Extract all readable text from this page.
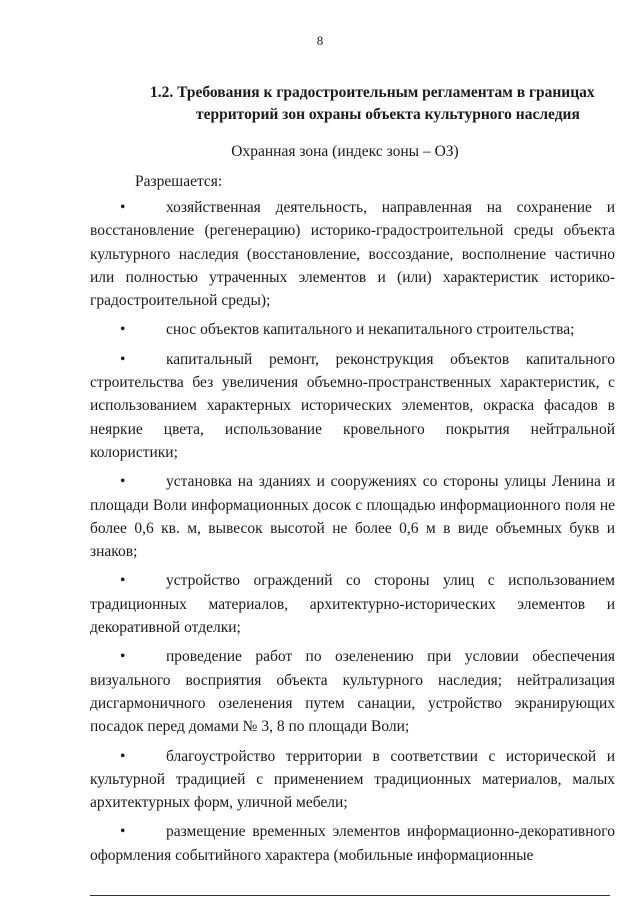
8
1.2. Требования к градостроительным регламентам в границах
территорий зон охраны объекта культурного наследия
Охранная зона (индекс зоны – ОЗ)
Разрешается:

•	хозяйственная деятельность, направленная на сохранение и восстановление (регенерацию) историко-градостроительной среды объекта культурного наследия (восстановление, воссоздание, восполнение частично или полностью утраченных элементов и (или) характеристик историко-градостроительной среды);

•	снос объектов капитального и некапитального строительства;

•	капитальный ремонт, реконструкция объектов капитального строительства без увеличения объемно-пространственных характеристик, с использованием характерных исторических элементов, окраска фасадов в неяркие цвета, использование кровельного покрытия нейтральной колористики;

•	установка на зданиях и сооружениях со стороны улицы Ленина и площади Воли информационных досок с площадью информационного поля не более 0,6 кв. м, вывесок высотой не более 0,6 м в виде объемных букв и знаков;

•	устройство ограждений со стороны улиц с использованием традиционных материалов, архитектурно-исторических элементов и декоративной отделки;

•	проведение работ по озеленению при условии обеспечения визуального восприятия объекта культурного наследия; нейтрализация дисгармоничного озеленения путем санации, устройство экранирующих посадок перед домами № 3, 8 по площади Воли;

•	благоустройство территории в соответствии с исторической и культурной традицией с применением традиционных материалов, малых архитектурных форм, уличной мебели;

•	размещение временных элементов информационно-декоративного оформления событийного характера (мобильные информационные
